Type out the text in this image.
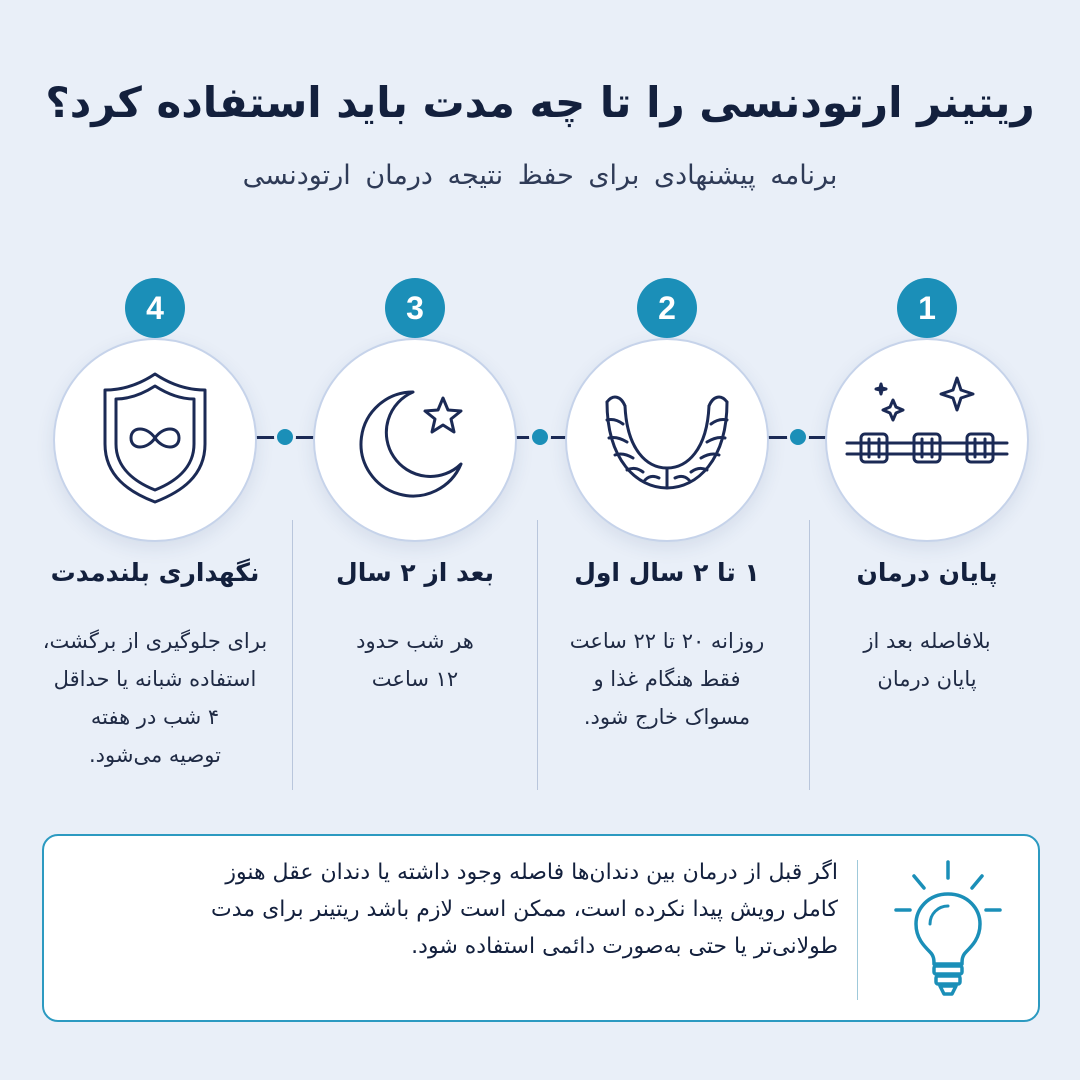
ریتینر ارتودنسی را تا چه مدت باید استفاده کرد؟

برنامه پیشنهادی برای حفظ نتیجه درمان ارتودنسی

1
پایان درمان

بلافاصله بعد از
پایان درمان

2
۱ تا ۲ سال اول

روزانه ۲۰ تا ۲۲ ساعت
فقط هنگام غذا و
مسواک خارج شود.

3
بعد از ۲ سال

هر شب حدود
۱۲ ساعت

4
نگهداری بلندمدت

برای جلوگیری از برگشت،
استفاده شبانه یا حداقل
۴ شب در هفته
توصیه می‌شود.

اگر قبل از درمان بین دندان‌ها فاصله وجود داشته یا دندان عقل هنوز
کامل رویش پیدا نکرده است، ممکن است لازم باشد ریتینر برای مدت
طولانی‌تر یا حتی به‌صورت دائمی استفاده شود.
